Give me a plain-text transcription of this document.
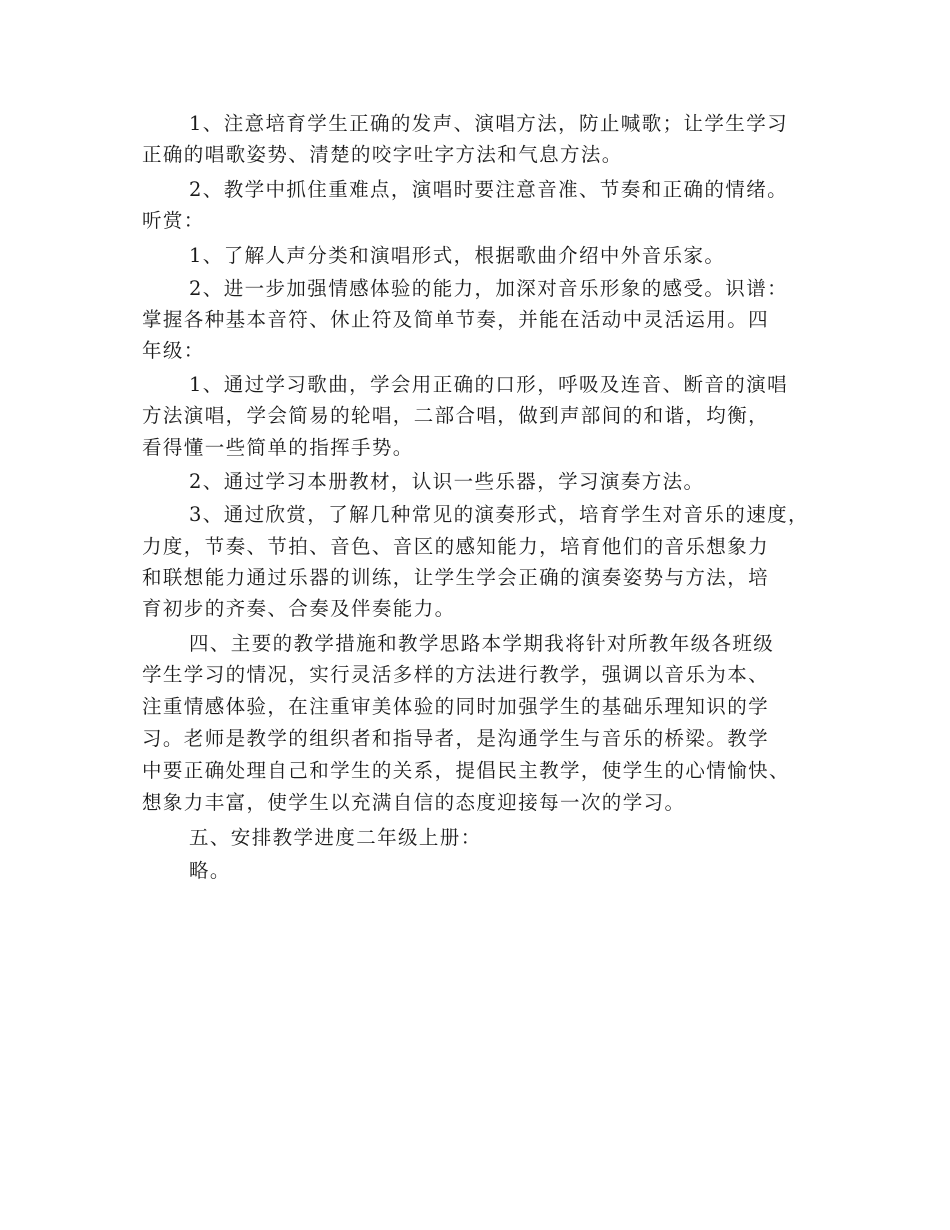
1、注意培育学生正确的发声、演唱方法，防止喊歌；让学生学习
正确的唱歌姿势、清楚的咬字吐字方法和气息方法。
2、教学中抓住重难点，演唱时要注意音准、节奏和正确的情绪。
听赏：
1、了解人声分类和演唱形式，根据歌曲介绍中外音乐家。
2、进一步加强情感体验的能力，加深对音乐形象的感受。识谱：
掌握各种基本音符、休止符及简单节奏，并能在活动中灵活运用。四
年级：
1、通过学习歌曲，学会用正确的口形，呼吸及连音、断音的演唱
方法演唱，学会简易的轮唱，二部合唱，做到声部间的和谐，均衡，
看得懂一些简单的指挥手势。
2、通过学习本册教材，认识一些乐器，学习演奏方法。
3、通过欣赏，了解几种常见的演奏形式，培育学生对音乐的速度，
力度，节奏、节拍、音色、音区的感知能力，培育他们的音乐想象力
和联想能力通过乐器的训练，让学生学会正确的演奏姿势与方法，培
育初步的齐奏、合奏及伴奏能力。
四、主要的教学措施和教学思路本学期我将针对所教年级各班级
学生学习的情况，实行灵活多样的方法进行教学，强调以音乐为本、
注重情感体验，在注重审美体验的同时加强学生的基础乐理知识的学
习。老师是教学的组织者和指导者，是沟通学生与音乐的桥梁。教学
中要正确处理自己和学生的关系，提倡民主教学，使学生的心情愉快、
想象力丰富，使学生以充满自信的态度迎接每一次的学习。
五、安排教学进度二年级上册：
略。
